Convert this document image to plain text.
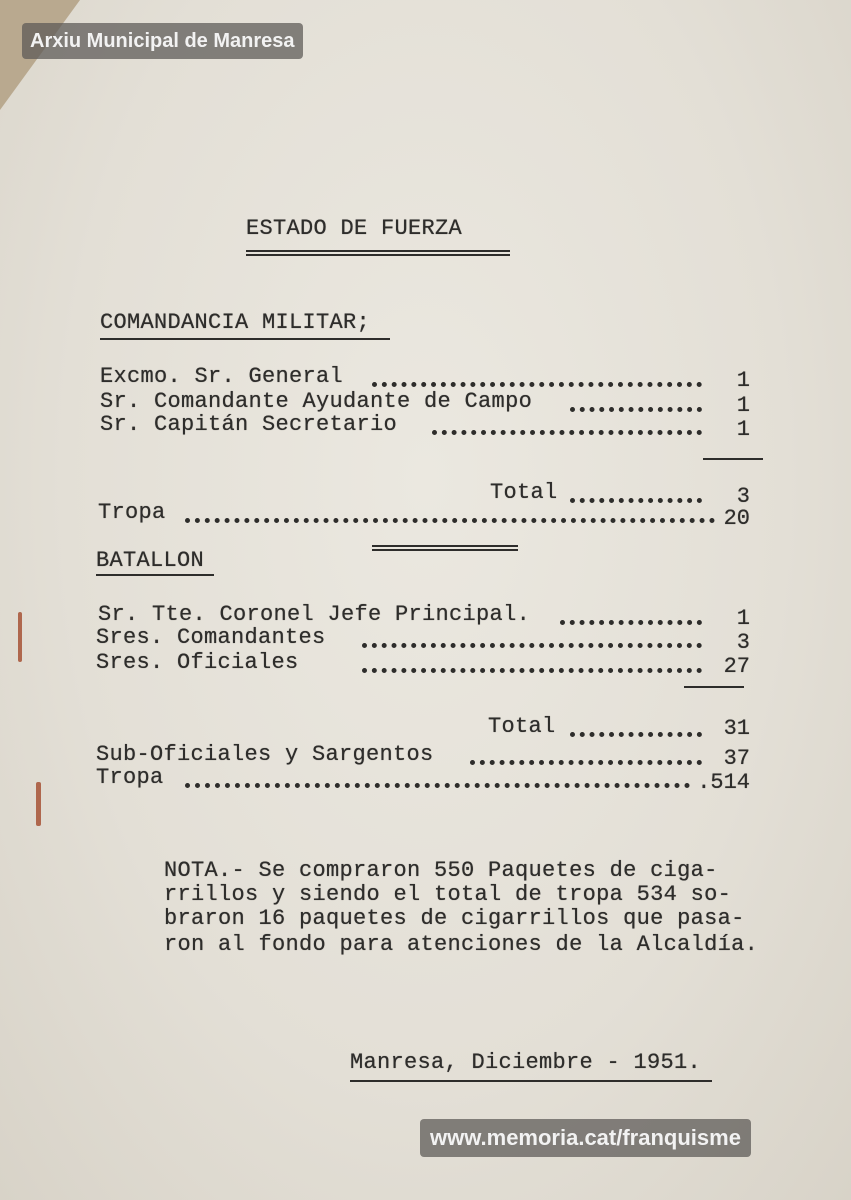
Arxiu Municipal de Manresa
ESTADO DE FUERZA
COMANDANCIA MILITAR;
Excmo. Sr. General	1
Sr. Comandante Ayudante de Campo	1
Sr. Capitán Secretario	1
Total	3
Tropa	20
BATALLON
Sr. Tte. Coronel Jefe Principal.	1
Sres. Comandantes	3
Sres. Oficiales	27
Total	31
Sub-Oficiales y Sargentos	37
Tropa	.514
NOTA.- Se compraron 550 Paquetes de ciga-
rrillos y siendo el total de tropa 534 so-
braron 16 paquetes de cigarrillos que pasa-
ron al fondo para atenciones de la Alcaldía.
Manresa, Diciembre - 1951.
www.memoria.cat/franquisme
